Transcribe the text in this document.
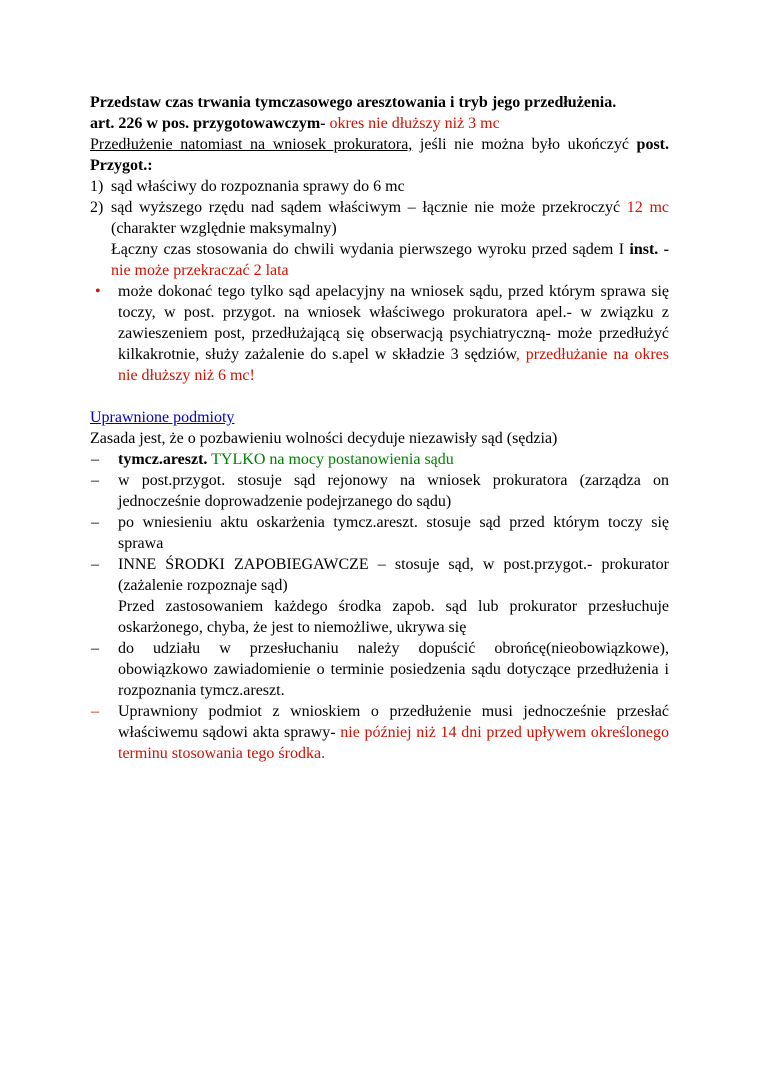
Przedstaw czas trwania tymczasowego aresztowania i tryb jego przedłużenia.

art. 226 w pos. przygotowawczym- okres nie dłuższy niż 3 mc

Przedłużenie natomiast na wniosek prokuratora, jeśli nie można było ukończyć post. Przygot.:

1) sąd właściwy do rozpoznania sprawy do 6 mc
2) sąd wyższego rzędu nad sądem właściwym – łącznie nie może przekroczyć 12 mc (charakter względnie maksymalny)

Łączny czas stosowania do chwili wydania pierwszego wyroku przed sądem I inst. - nie może przekraczać 2 lata

•	może dokonać tego tylko sąd apelacyjny na wniosek sądu, przed którym sprawa się toczy, w post. przygot. na wniosek właściwego prokuratora apel.- w związku z zawieszeniem post, przedłużającą się obserwacją psychiatryczną- może przedłużyć kilkakrotnie, służy zażalenie do s.apel w składzie 3 sędziów, przedłużanie na okres nie dłuższy niż 6 mc!

Uprawnione podmioty

Zasada jest, że o pozbawieniu wolności decyduje niezawisły sąd (sędzia)

–	tymcz.areszt. TYLKO na mocy postanowienia sądu
–	w post.przygot. stosuje sąd rejonowy na wniosek prokuratora (zarządza on jednocześnie doprowadzenie podejrzanego do sądu)
–	po wniesieniu aktu oskarżenia tymcz.areszt. stosuje sąd przed którym toczy się sprawa
–	INNE ŚRODKI ZAPOBIEGAWCZE – stosuje sąd, w post.przygot.- prokurator (zażalenie rozpoznaje sąd)

Przed zastosowaniem każdego środka zapob. sąd lub prokurator przesłuchuje oskarżonego, chyba, że jest to niemożliwe, ukrywa się

–	do udziału w przesłuchaniu należy dopuścić obrońcę(nieobowiązkowe), obowiązkowo zawiadomienie o terminie posiedzenia sądu dotyczące przedłużenia i rozpoznania tymcz.areszt.
–	Uprawniony podmiot z wnioskiem o przedłużenie musi jednocześnie przesłać właściwemu sądowi akta sprawy- nie później niż 14 dni przed upływem określonego terminu stosowania tego środka.
